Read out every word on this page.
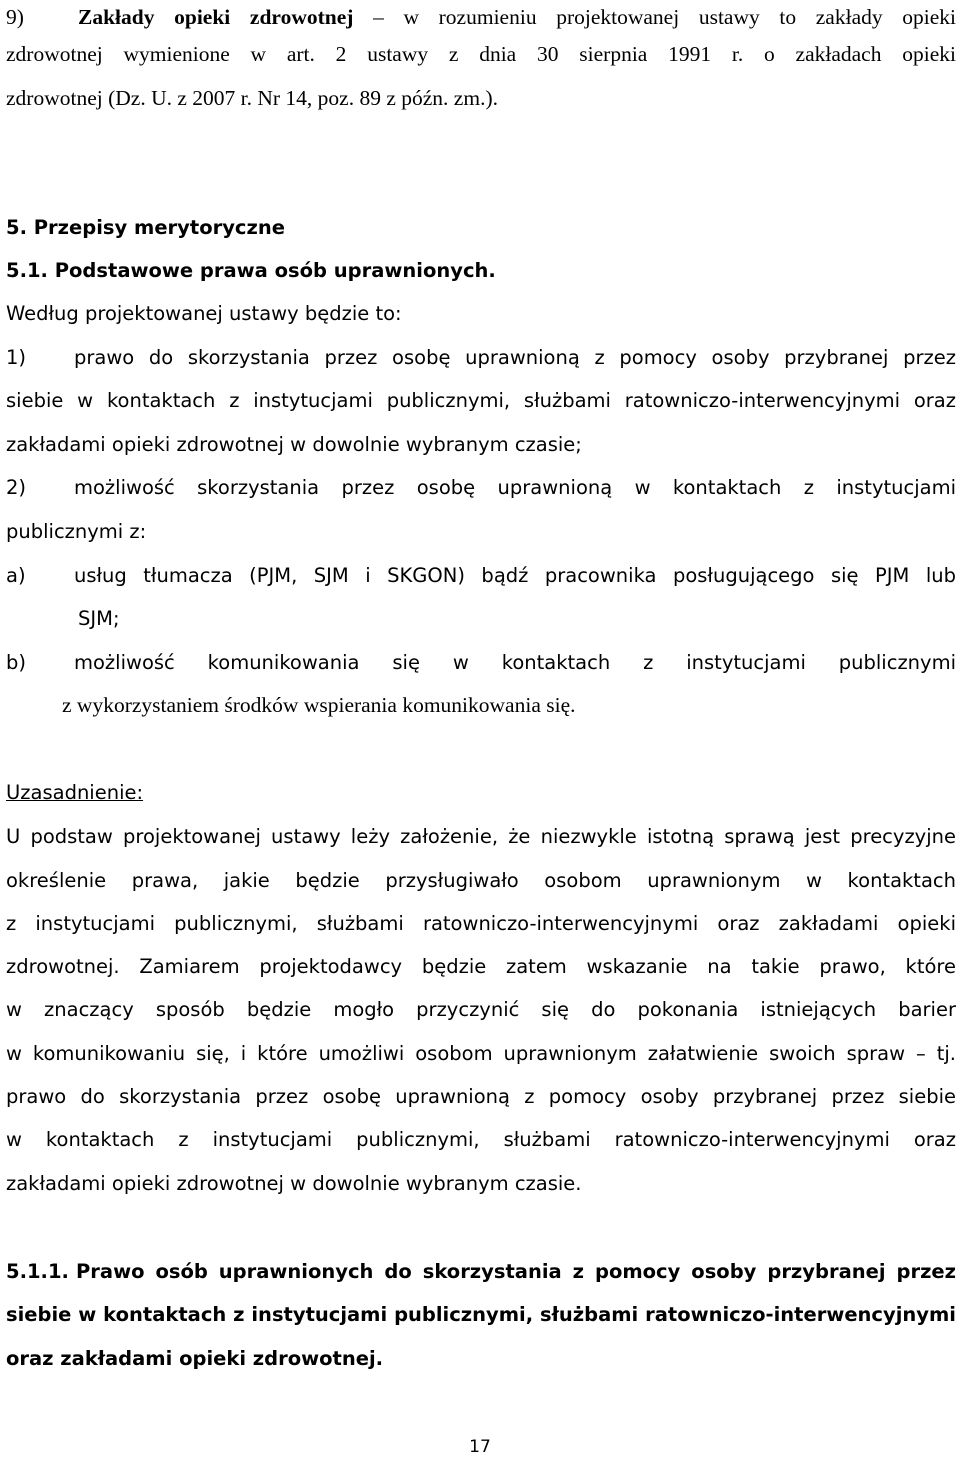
9)	Zakłady opieki zdrowotnej – w rozumieniu projektowanej ustawy to zakłady opieki
zdrowotnej wymienione w art. 2 ustawy z dnia 30 sierpnia 1991 r. o zakładach opieki
zdrowotnej (Dz. U. z 2007 r. Nr 14, poz. 89 z późn. zm.).
5. Przepisy merytoryczne
5.1. Podstawowe prawa osób uprawnionych.
Według projektowanej ustawy będzie to:
1) prawo do skorzystania przez osobę uprawnioną z pomocy osoby przybranej przez
siebie w kontaktach z instytucjami publicznymi, służbami ratowniczo-interwencyjnymi oraz
zakładami opieki zdrowotnej w dowolnie wybranym czasie;
2) możliwość skorzystania przez osobę uprawnioną w kontaktach z instytucjami
publicznymi z:
a) usług tłumacza (PJM, SJM i SKGON) bądź pracownika posługującego się PJM lub
SJM;
b) możliwość komunikowania się w kontaktach z instytucjami publicznymi
z wykorzystaniem środków wspierania komunikowania się.
Uzasadnienie:
U podstaw projektowanej ustawy leży założenie, że niezwykle istotną sprawą jest precyzyjne
określenie prawa, jakie będzie przysługiwało osobom uprawnionym w kontaktach
z instytucjami publicznymi, służbami ratowniczo-interwencyjnymi oraz zakładami opieki
zdrowotnej. Zamiarem projektodawcy będzie zatem wskazanie na takie prawo, które
w znaczący sposób będzie mogło przyczynić się do pokonania istniejących barier
w komunikowaniu się, i które umożliwi osobom uprawnionym załatwienie swoich spraw – tj.
prawo do skorzystania przez osobę uprawnioną z pomocy osoby przybranej przez siebie
w kontaktach z instytucjami publicznymi, służbami ratowniczo-interwencyjnymi oraz
zakładami opieki zdrowotnej w dowolnie wybranym czasie.
5.1.1. Prawo osób uprawnionych do skorzystania z pomocy osoby przybranej przez
siebie w kontaktach z instytucjami publicznymi, służbami ratowniczo-interwencyjnymi
oraz zakładami opieki zdrowotnej.
17
